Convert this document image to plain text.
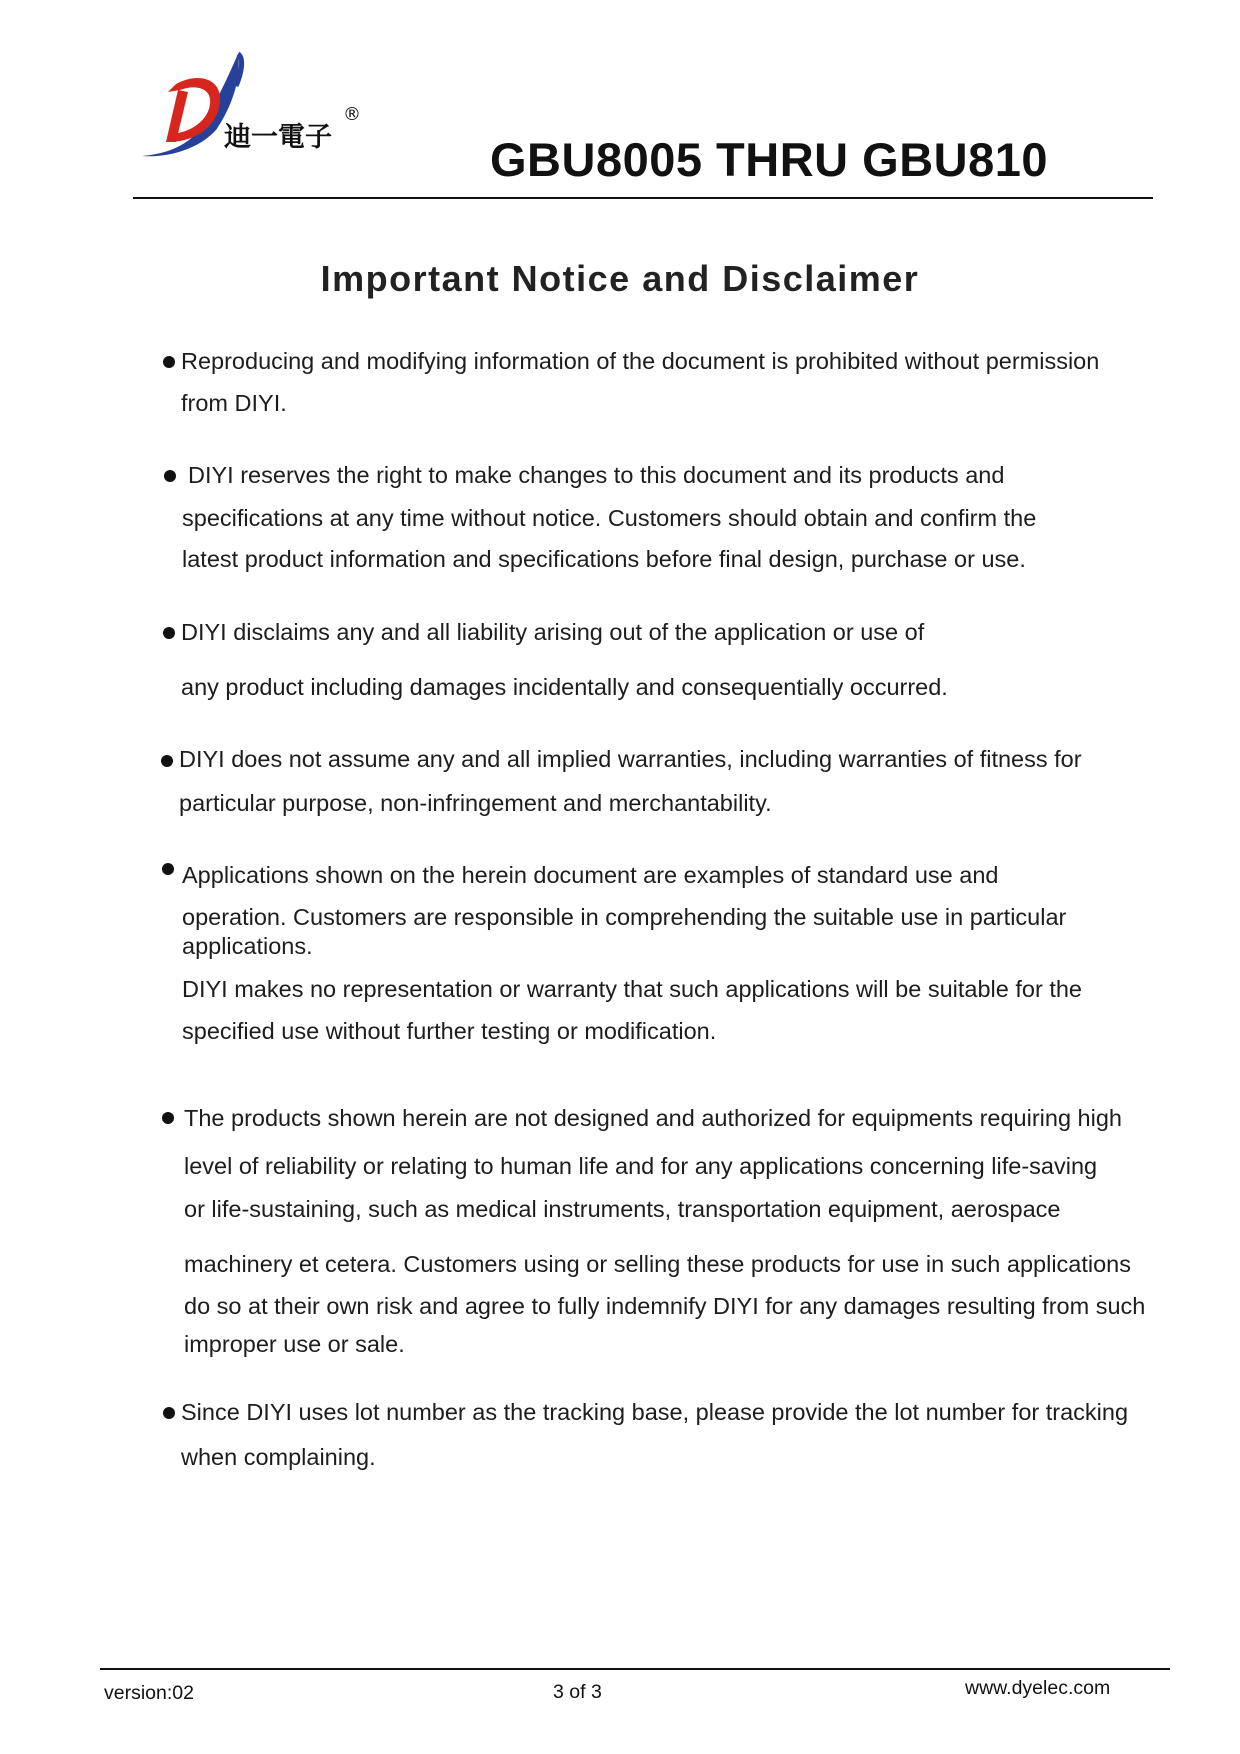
迪一電子
®
GBU8005 THRU GBU810
Important Notice and Disclaimer
Reproducing and modifying information of the document is prohibited without permission
from DIYI.
DIYI reserves the right to make changes to this document and its products and
specifications at any time without notice. Customers should obtain and confirm the
latest product information and specifications before final design, purchase or use.
DIYI disclaims any and all liability arising out of the application or use of
any product including damages incidentally and consequentially occurred.
DIYI does not assume any and all implied warranties, including warranties of fitness for
particular purpose, non-infringement and merchantability.
Applications shown on the herein document are examples of standard use and
operation. Customers are responsible in comprehending the suitable use in particular
applications.
DIYI makes no representation or warranty that such applications will be suitable for the
specified use without further testing or modification.
The products shown herein are not designed and authorized for equipments requiring high
level of reliability or relating to human life and for any applications concerning life-saving
or life-sustaining, such as medical instruments, transportation equipment, aerospace
machinery et cetera. Customers using or selling these products for use in such applications
do so at their own risk and agree to fully indemnify DIYI for any damages resulting from such
improper use or sale.
Since DIYI uses lot number as the tracking base, please provide the lot number for tracking
when complaining.
version:02	3 of 3	www.dyelec.com
